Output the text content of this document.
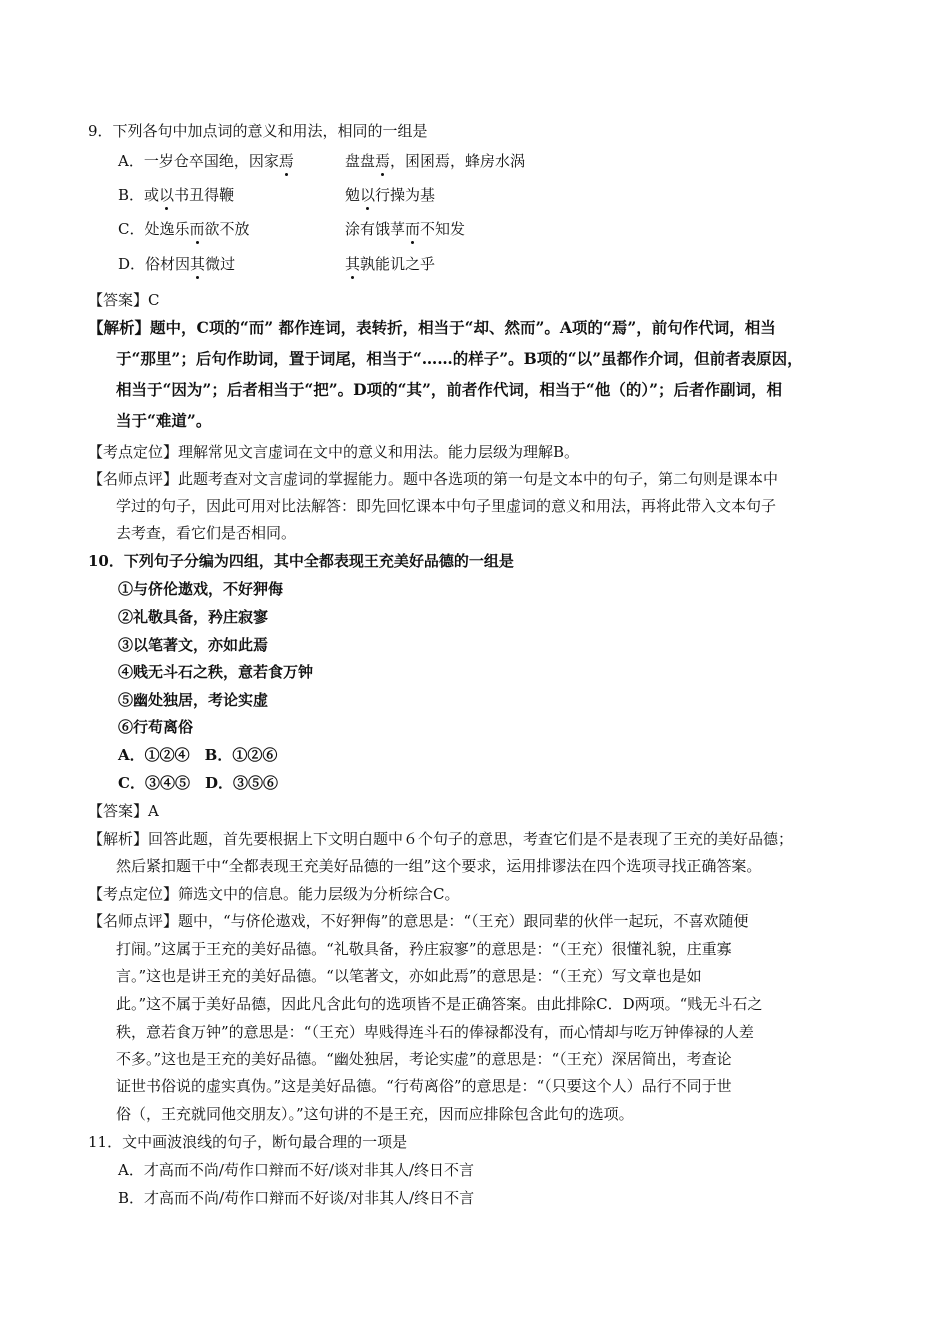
9．下列各句中加点词的意义和用法，相同的一组是
A．一岁仓卒国绝，因家焉	盘盘焉，囷囷焉，蜂房水涡
B．或以书丑得鞭	勉以行操为基
C．处逸乐而欲不放	涂有饿莩而不知发
D．俗材因其微过	其孰能讥之乎
【答案】C
【解析】题中，C项的“而” 都作连词，表转折，相当于“却、然而”。A项的“焉”，前句作代词，相当
于“那里”；后句作助词，置于词尾，相当于“……的样子”。B项的“以”虽都作介词，但前者表原因，
相当于“因为”；后者相当于“把”。D项的“其”，前者作代词，相当于“他（的）”；后者作副词，相
当于“难道”。
【考点定位】理解常见文言虚词在文中的意义和用法。能力层级为理解B。
【名师点评】此题考查对文言虚词的掌握能力。题中各选项的第一句是文本中的句子，第二句则是课本中
学过的句子，因此可用对比法解答：即先回忆课本中句子里虚词的意义和用法，再将此带入文本句子
去考查，看它们是否相同。
10．下列句子分编为四组，其中全都表现王充美好品德的一组是
①与侪伦遨戏，不好狎侮
②礼敬具备，矜庄寂寥
③以笔著文，亦如此焉
④贱无斗石之秩，意若食万钟
⑤幽处独居，考论实虚
⑥行苟离俗
A．①②④　B．①②⑥
C．③④⑤　D．③⑤⑥
【答案】A
【解析】回答此题，首先要根据上下文明白题中６个句子的意思，考查它们是不是表现了王充的美好品德；
然后紧扣题干中“全都表现王充美好品德的一组”这个要求，运用排谬法在四个选项寻找正确答案。
【考点定位】筛选文中的信息。能力层级为分析综合C。
【名师点评】题中，“与侪伦遨戏，不好狎侮”的意思是：“（王充）跟同辈的伙伴一起玩，不喜欢随便
打闹。”这属于王充的美好品德。“礼敬具备，矜庄寂寥”的意思是：“（王充）很懂礼貌，庄重寡
言。”这也是讲王充的美好品德。“以笔著文，亦如此焉”的意思是：“（王充）写文章也是如
此。”这不属于美好品德，因此凡含此句的选项皆不是正确答案。由此排除C．D两项。“贱无斗石之
秩，意若食万钟”的意思是：“（王充）卑贱得连斗石的俸禄都没有，而心情却与吃万钟俸禄的人差
不多。”这也是王充的美好品德。“幽处独居，考论实虚”的意思是：“（王充）深居简出，考查论
证世书俗说的虚实真伪。”这是美好品德。“行苟离俗”的意思是：“（只要这个人）品行不同于世
俗（，王充就同他交朋友）。”这句讲的不是王充，因而应排除包含此句的选项。
11．文中画波浪线的句子，断句最合理的一项是
A．才高而不尚/苟作口辩而不好/谈对非其人/终日不言
B．才高而不尚/苟作口辩而不好谈/对非其人/终日不言
